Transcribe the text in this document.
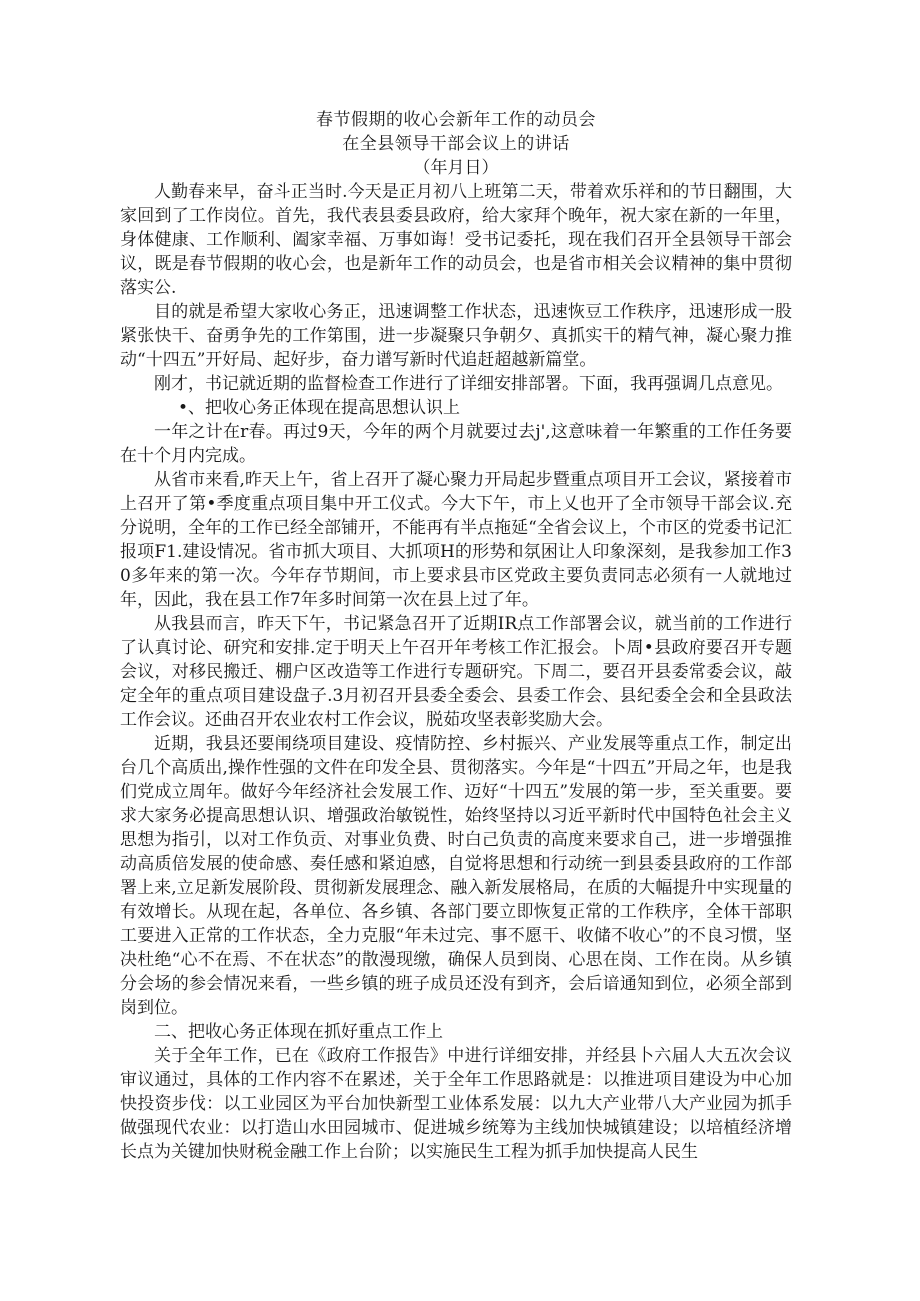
春节假期的收心会新年工作的动员会

在全县领导干部会议上的讲话

（年月日）

人勤春来早，奋斗正当时.今天是正月初八上班第二天，带着欢乐祥和的节日翻围，大家回到了工作岗位。首先，我代表县委县政府，给大家拜个晚年，祝大家在新的一年里，身体健康、工作顺利、阖家幸福、万事如诲！受书记委托，现在我们召开全县领导干部会议，既是春节假期的收心会，也是新年工作的动员会，也是省市相关会议精神的集中贯彻落实公.

目的就是希望大家收心务正，迅速调整工作状态，迅速恢豆工作秩序，迅速形成一股紧张快干、奋勇争先的工作第围，进一步凝聚只争朝夕、真抓实干的精气神，凝心聚力推动“十四五”开好局、起好步，奋力谱写新时代追赶超越新篇堂。

刚才，书记就近期的监督检查工作进行了详细安排部署。下面，我再强调几点意见。

•、把收心务正体现在提高思想认识上

一年之计在r春。再过9天，今年的两个月就要过去j',这意味着一年繁重的工作任务要在十个月内完成。

从省市来看,昨天上午，省上召开了凝心聚力开局起步暨重点项目开工会议，紧接着市上召开了第•季度重点项目集中开工仪式。今大下午，市上乂也开了全市领导干部会议.充分说明，全年的工作已经全部铺开，不能再有半点拖延“全省会议上，个市区的党委书记汇报项F1.建设情况。省市抓大项目、大抓项H的形势和氛困让人印象深刻，是我参加工作30多年来的第一次。今年存节期间，市上要求县市区党政主要负责同志必须有一人就地过年，因此，我在县工作7年多时间第一次在县上过了年。

从我县而言，昨天下午，书记紧急召开了近期IR点工作部署会议，就当前的工作进行了认真讨论、研究和安排.定于明天上午召开年考核工作汇报会。卜周•县政府要召开专题会议，对移民搬迁、棚户区改造等工作进行专题研究。下周二，要召开县委常委会议，敲定全年的重点项目建设盘子.3月初召开县委全委会、县委工作会、县纪委全会和全县政法工作会议。还曲召开农业农村工作会议，脱茹攻坚表彰奖励大会。

近期，我县还要闱绕项目建设、疫情防控、乡村振兴、产业发展等重点工作，制定出台几个高质出,操作性强的文件在印发全县、贯彻落实。今年是“十四五”开局之年，也是我们党成立周年。做好今年经济社会发展工作、迈好“十四五”发展的第一步，至关重要。要求大家务必提高思想认识、增强政治敏锐性，始终坚持以习近平新时代中国特色社会主义思想为指引，以对工作负贡、对事业负费、时白己负责的高度来要求自己，进一步增强推动高质倍发展的使命感、奏任感和紧迫感，自觉将思想和行动统一到县委县政府的工作部署上来,立足新发展阶段、贯彻新发展理念、融入新发展格局，在质的大幅提升中实现量的有效增长。从现在起，各单位、各乡镇、各部门要立即恢复正常的工作秩序，全体干部职工要进入正常的工作状态，全力克服“年未过完、事不愿干、收储不收心”的不良习惯，坚决杜绝“心不在焉、不在状态”的散漫现缴，确保人员到岗、心思在岗、工作在岗。从乡镇分会场的参会情况来看，一些乡镇的班子成员还没有到齐，会后谙通知到位，必须全部到岗到位。

二、把收心务正体现在抓好重点工作上

关于全年工作，已在《政府工作报告》中进行详细安排，并经县卜六届人大五次会议审议通过，具体的工作内容不在累述，关于全年工作思路就是：以推进项目建设为中心加快投资步伐：以工业园区为平台加快新型工业体系发展：以九大产业带八大产业园为抓手做强现代农业：以打造山水田园城市、促进城乡统筹为主线加快城镇建设；以培植经济增长点为关键加快财税金融工作上台阶；以实施民生工程为抓手加快提高人民生
